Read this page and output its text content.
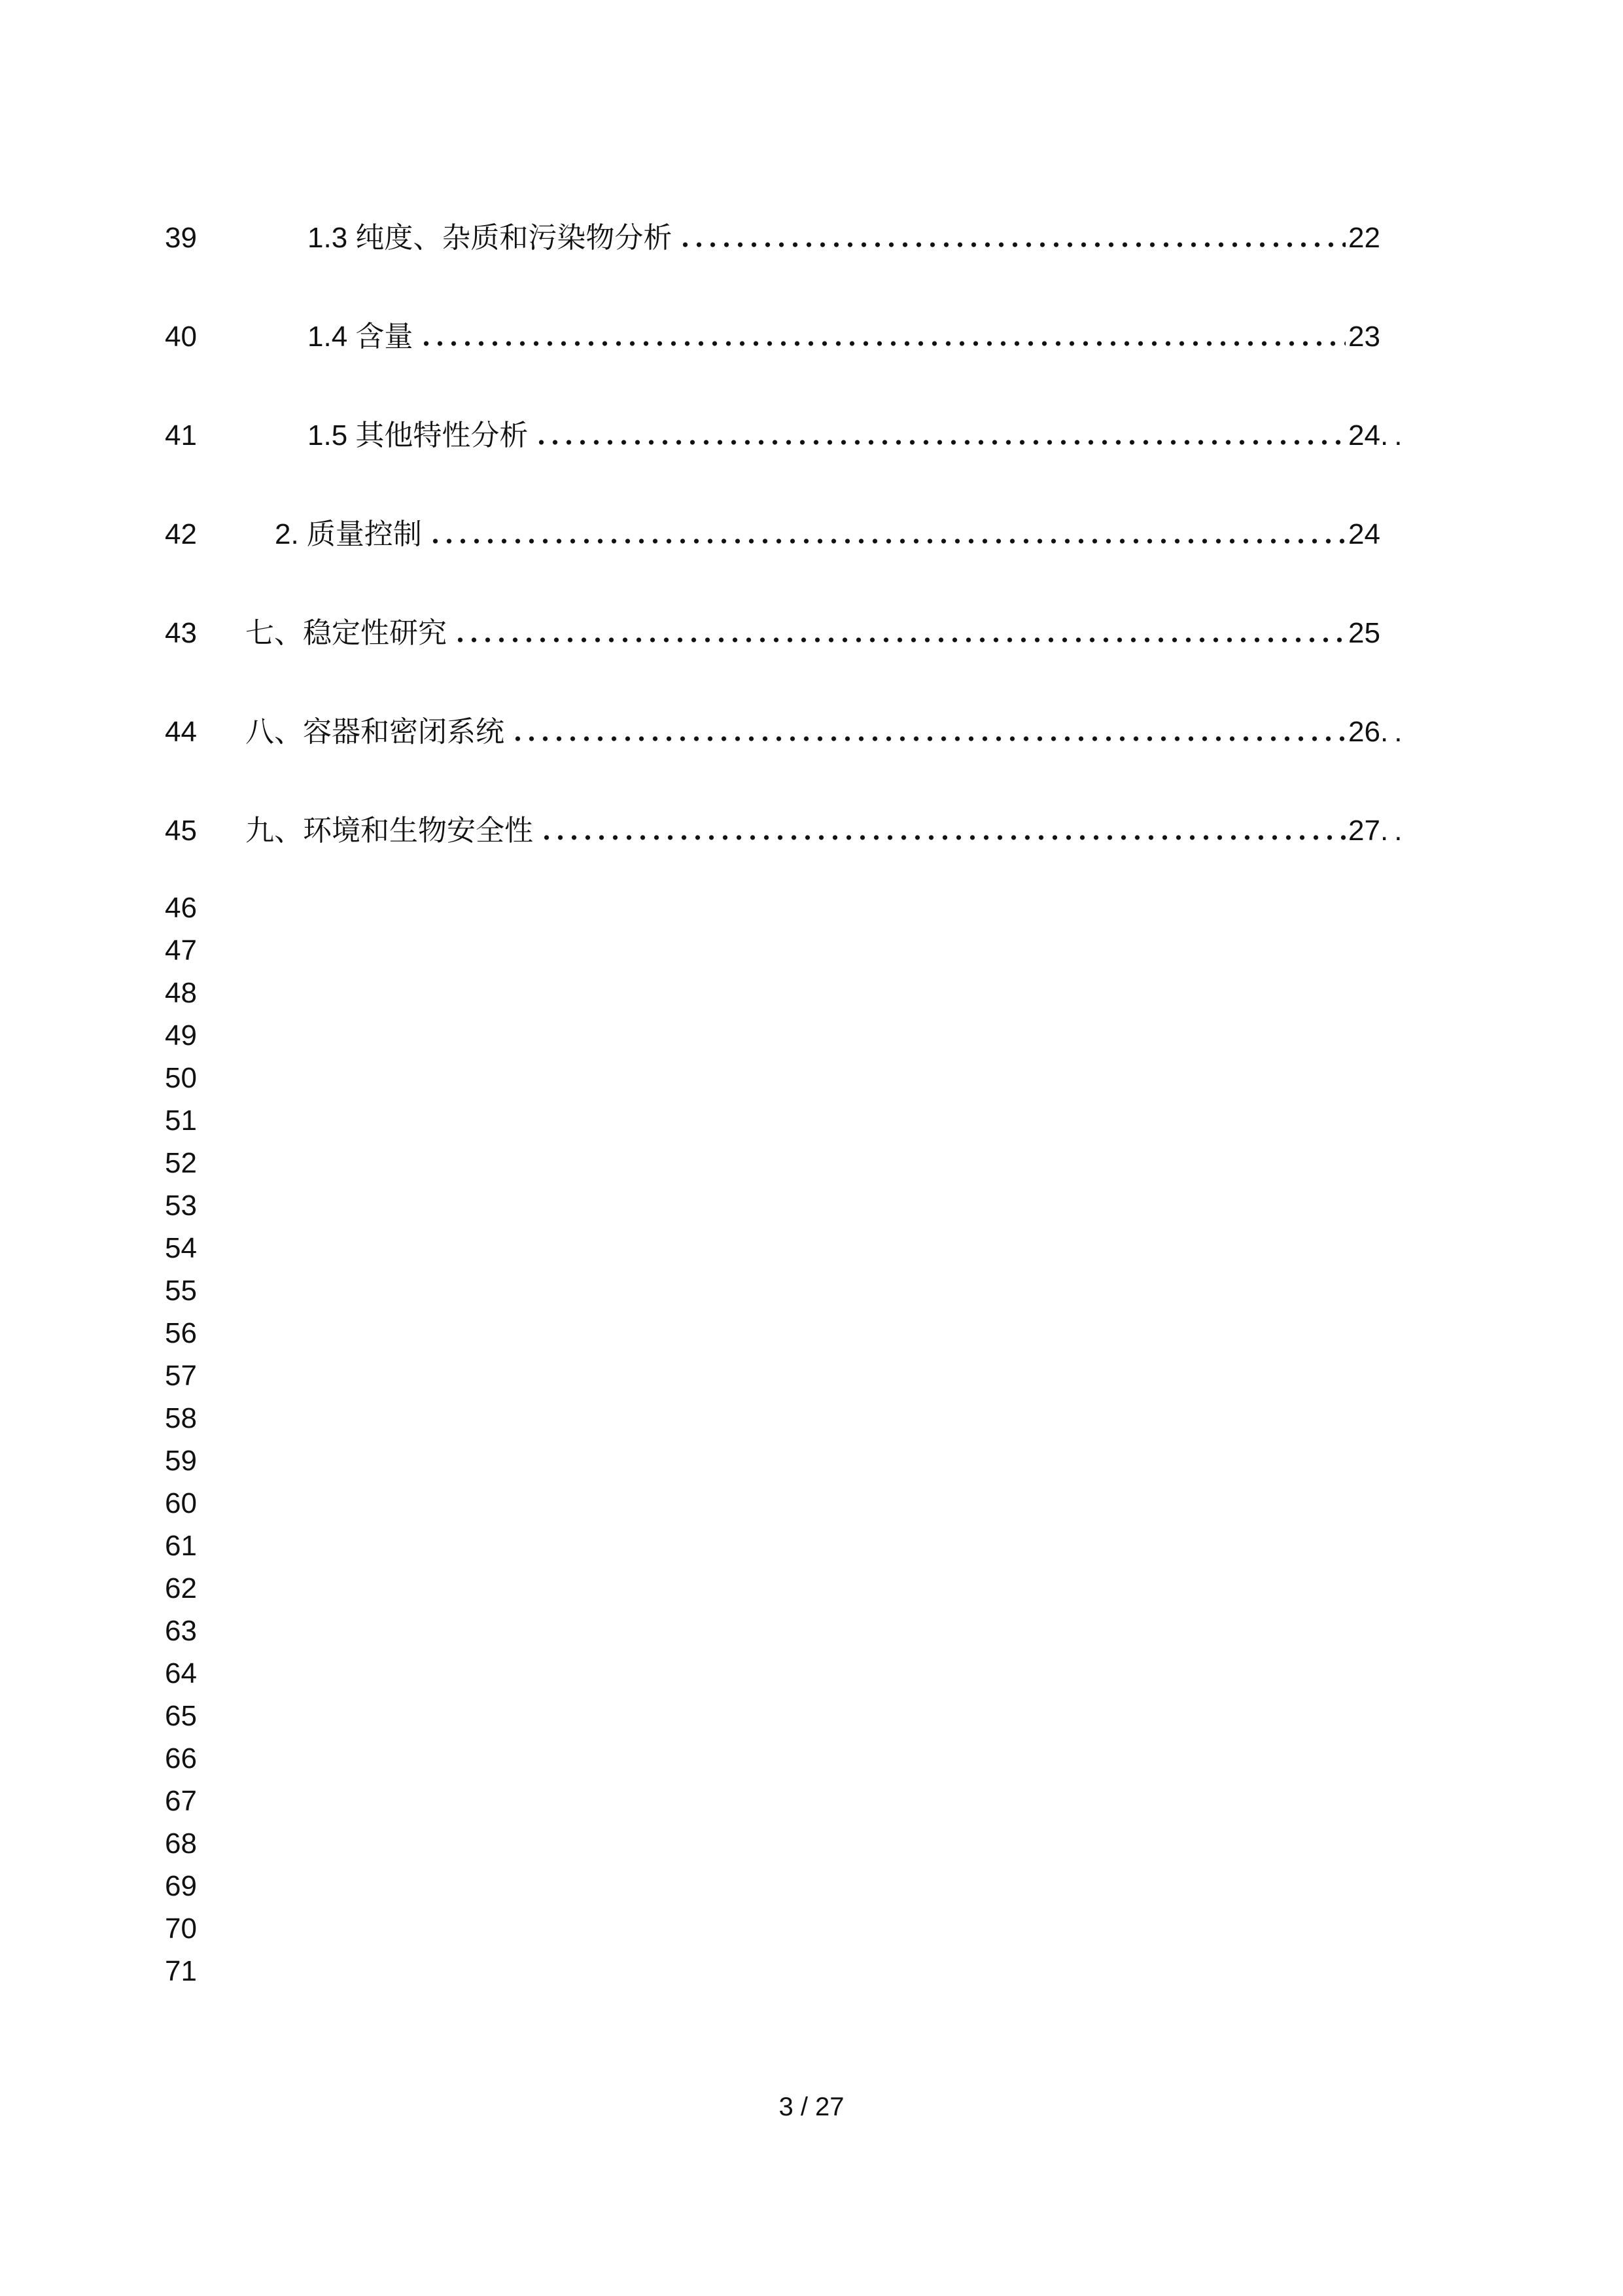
39	1.3 纯度、杂质和污染物分析	22
40	1.4 含量	23
41	1.5 其他特性分析	24 ..
42	2. 质量控制	24
43	七、稳定性研究	25
44	八、容器和密闭系统	26 ..
45	九、环境和生物安全性	27 ..
46
47
48
49
50
51
52
53
54
55
56
57
58
59
60
61
62
63
64
65
66
67
68
69
70
71
3 / 27
